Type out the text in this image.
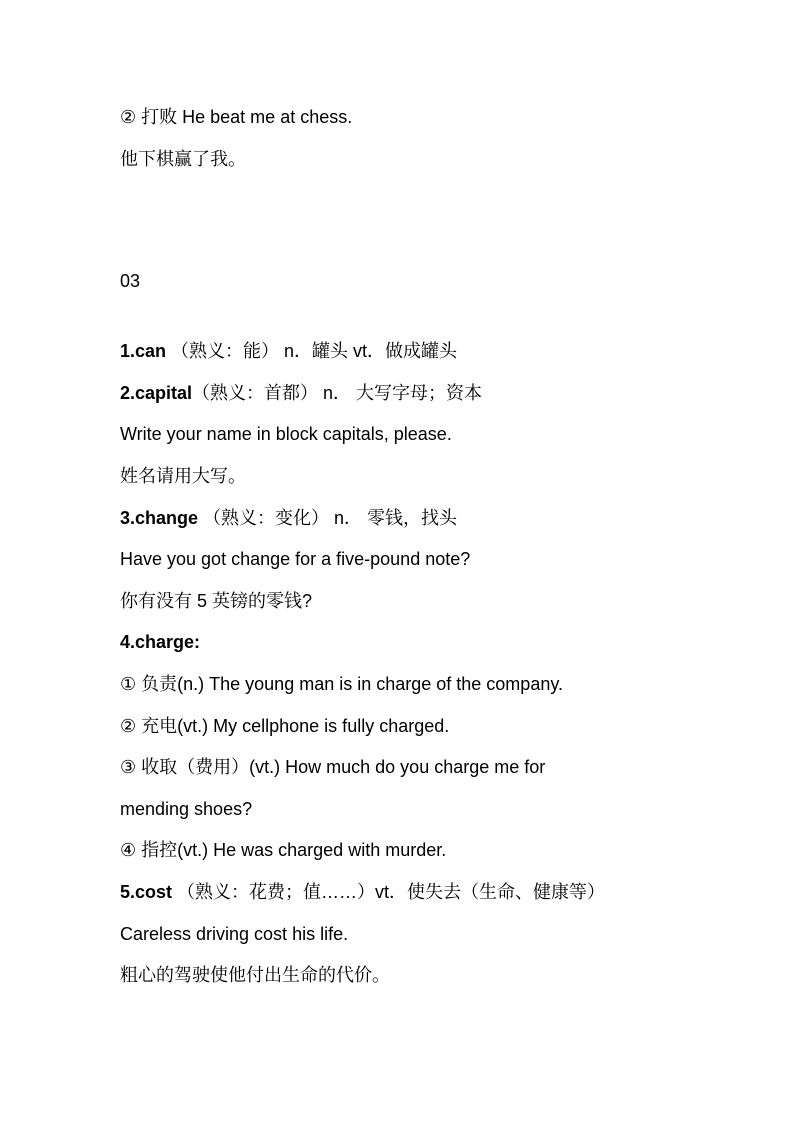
② 打败 He beat me at chess.
他下棋赢了我。
03
1.can （熟义：能） n．罐头 vt．做成罐头
2.capital（熟义：首都） n． 大写字母；资本
Write your name in block capitals, please.
姓名请用大写。
3.change （熟义：变化） n． 零钱，找头
Have you got change for a five-pound note?
你有没有 5 英镑的零钱?
4.charge:
① 负责(n.) The young man is in charge of the company.
② 充电(vt.) My cellphone is fully charged.
③ 收取（费用）(vt.) How much do you charge me for
mending shoes?
④ 指控(vt.) He was charged with murder.
5.cost （熟义：花费；值……）vt．使失去（生命、健康等）
Careless driving cost his life.
粗心的驾驶使他付出生命的代价。
